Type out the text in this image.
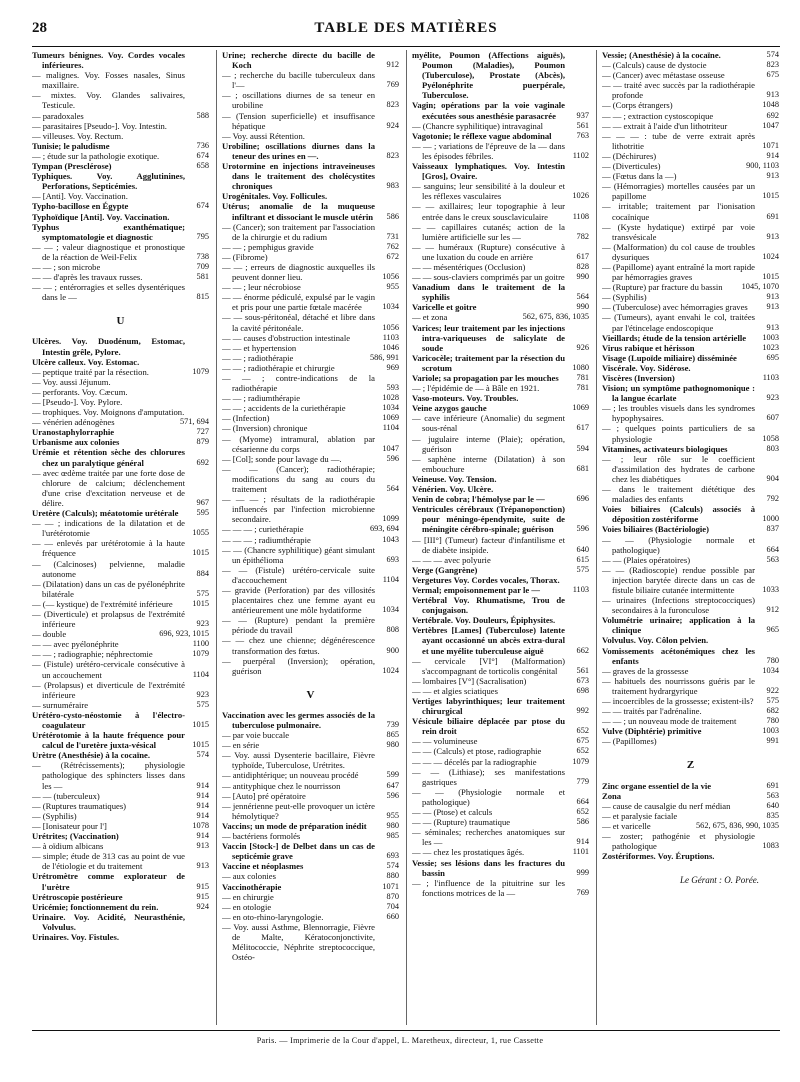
28	TABLE DES MATIÈRES

Tumeurs bénignes. Voy. Cordes vocales inférieures.

— malignes. Voy. Fosses nasales, Sinus maxillaire.

— mixtes. Voy. Glandes salivaires, Testicule.

— paradoxales	588

— parasitaires [Pseudo-]. Voy. Intestin.

— villeuses. Voy. Rectum.

Tunisie; le paludisme	736

— ; étude sur la pathologie exotique.	674

Tympan (Presclérose)	658

Typhiques. Voy. Agglutinines, Perforations, Septicémies.

— [Anti]. Voy. Vaccination.

Typho-bacillose en Égypte	674

Typhoïdique [Anti]. Voy. Vaccination.

Typhus exanthématique; symptomatologie et diagnostic	795

— — ; valeur diagnostique et pronostique de la réaction de Weil-Felix	738

— — ; son microbe	709

— — d'après les travaux russes.	581

— — ; entérorragies et selles dysentériques dans le —	815

U

Ulcères. Voy. Duodénum, Estomac, Intestin grêle, Pylore.

Ulcère calleux. Voy. Estomac.

— peptique traité par la résection.	1079

— Voy. aussi Jéjunum.

— perforants. Voy. Cæcum.

— [Pseudo-]. Voy. Pylore.

— trophiques. Voy. Moignons d'amputation.

— vénérien adénogènes	571, 694

Uranostaphylorraphie	727

Urbanisme aux colonies	879

Urémie et rétention sèche des chlorures chez un paralytique général	692

— avec œdème traitée par une forte dose de chlorure de calcium; déclenchement d'une crise d'excitation nerveuse et de délire.	967

Uretère (Calculs); méatotomie urétérale 595

— — ; indications de la dilatation et de l'urétérotomie	1055

— — enlevés par urétérotomie à la haute fréquence	1015

— (Calcinoses) pelvienne, maladie autonome	884

— (Dilatation) dans un cas de pyélonéphrite bilatérale	575

— (— kystique) de l'extrémité inférieure 1015

— (Diverticule) et prolapsus de l'extrémité inférieure	923

— double	696, 923, 1015

— — avec pyélonéphrite	1100

— — ; radiographie; néphrectomie	1079

— (Fistule) urétéro-cervicale consécutive à un accouchement	1104

— (Prolapsus) et diverticule de l'extrémité inférieure	923

— surnuméraire	575

Urétéro-cysto-néostomie à l'électro-coagulateur	1015

Urétérotomie à la haute fréquence pour calcul de l'uretère juxta-vésical	1015

Urètre (Anesthésie) à la cocaïne.	574

— (Rétrécissements); physiologie pathologique des sphincters lisses dans les —	914

— — (tuberculeux)	914

— (Ruptures traumatiques)	914

— (Syphilis)	914

— [Ionisateur pour l']	1078

Urétrites; (Vaccination)	914

— à oïdium albicans	913

— simple; étude de 313 cas au point de vue de l'étiologie et du traitement	913

Urétromètre comme explorateur de l'urètre	915

Urétroscopie postérieure	915

Uricémie; fonctionnement du rein.	924

Urinaire. Voy. Acidité, Neurasthénie, Volvulus.

Urinaires. Voy. Fistules.

Urine; recherche directe du bacille de Koch	912

— ; recherche du bacille tuberculeux dans l'—	769

— ; oscillations diurnes de sa teneur en urobiline	823

— (Tension superficielle) et insuffisance hépatique	924

— Voy. aussi Rétention.

Urobiline; oscillations diurnes dans la teneur des urines en —.	823

Urotormine en injections intraveineuses dans le traitement des cholécystites chroniques	983

Urogénitales. Voy. Follicules.

Utérus; anomalie de la muqueuse infiltrant et dissociant le muscle utérin 586

— (Cancer); son traitement par l'association de la chirurgie et du radium	731

— — ; pemphigus gravide	762

— (Fibrome)	672

— — ; erreurs de diagnostic auxquelles ils peuvent donner lieu.	1056

— — ; leur nécrobiose	955

— — énorme pédiculé, expulsé par le vagin et pris pour une partie fœtale macérée 1034

— — sous-péritonéal, détaché et libre dans la cavité péritonéale.	1056

— — causes d'obstruction intestinale	1103

— — et hypertension	1046

— — ; radiothérapie	586, 991

— — ; radiothérapie et chirurgie	969

— — ; contre-indications de la radiothérapie	593

— — ; radiumthérapie	1028

— — ; accidents de la curiethérapie	1034

— (Infection)	1069

— (Inversion) chronique	1104

— (Myome) intramural, ablation par césarienne du corps	1047

— [Col]; sonde pour lavage du —.	596

— — (Cancer); radiothérapie; modifications du sang au cours du traitement	564

— — — ; résultats de la radiothérapie influencés par l'infection microbienne secondaire.	1099

— — — ; curiethérapie	693, 694

— — — ; radiumthérapie	1043

— — (Chancre syphilitique) géant simulant un épithélioma	693

— — (Fistule) urétéro-cervicale suite d'accouchement	1104

— gravide (Perforation) par des villosités placentaires chez une femme ayant eu antérieurement une môle hydatiforme	1034

— — (Rupture) pendant la première période du travail	808

— — chez une chienne; dégénérescence transformation des fœtus.	900

— puerpéral (Inversion); opération, guérison	1024

V

Vaccination avec les germes associés de la tuberculose pulmonaire.	739

— par voie buccale	865

— en série	980

— Voy. aussi Dysenterie bacillaire, Fièvre typhoïde, Tuberculose, Urétrites.

— antidiphtérique; un nouveau procédé	599

— antityphique chez le nourrisson	647

— [Auto] pré opératoire	596

— jennérienne peut-elle provoquer un ictère hémolytique?	955

Vaccins; un mode de préparation inédit 980

— bactériens formolés	985

Vaccin [Stock-] de Delbet dans un cas de septicémie grave	693

Vaccine et néoplasmes	574

— aux colonies	880

Vaccinothérapie	1071

— en chirurgie	870

— en otologie	704

— en oto-rhino-laryngologie.	660

— Voy. aussi Asthme, Blennorragie, Fièvre de Malte, Kératoconjonctivite, Mélitococcie, Néphrite streptococcique, Ostéo-

myélite, Poumon (Affections aiguës), Poumon (Maladies), Poumon (Tuberculose), Prostate (Abcès), Pyélonéphrite puerpérale, Tuberculose.

Vagin; opérations par la voie vaginale exécutées sous anesthésie parasacrée 937

— (Chancre syphilitique) intravaginal	561

Vagotonie; le réflexe vague abdominal	763

— — ; variations de l'épreuve de la — dans les épisodes fébriles.	1102

Vaisseaux lymphatiques. Voy. Intestin [Gros], Ovaire.

— sanguins; leur sensibilité à la douleur et les réflexes vasculaires	1026

— — axillaires; leur topographie à leur entrée dans le creux sousclaviculaire	1108

— — capillaires cutanés; action de la lumière artificielle sur les —	782

— — huméraux (Rupture) consécutive à une luxation du coude en arrière	617

— — mésentériques (Occlusion)	828

— — sous-claviers comprimés par un goitre 990

Vanadium dans le traitement de la syphilis	564

Varicelle et goitre	990

— et zona	562, 675, 836, 1035

Varices; leur traitement par les injections intra-variqueuses de salicylate de soude	926

Varicocèle; traitement par la résection du scrotum	1080

Variole; sa propagation par les mouches 781

— ; l'épidémie de — à Bâle en 1921.	781

Vaso-moteurs. Voy. Troubles.

Veine azygos gauche	1069

— cave inférieure (Anomalie) du segment sous-rénal	617

— jugulaire interne (Plaie); opération, guérison	594

— saphène interne (Dilatation) à son embouchure	681

Veineuse. Voy. Tension.

Vénérien. Voy. Ulcère.

Venin de cobra; l'hémolyse par le —	696

Ventricules cérébraux (Trépanoponction) pour méningo-épendymite, suite de méningite cérébro-spinale; guérison	596

— [III°] (Tumeur) facteur d'infantilisme et de diabète insipide.	640

— — — avec polyurie	615

Verge (Gangrène)	575

Vergetures Voy. Cordes vocales, Thorax.

Vermal; empoisonnement par le —	1103

Vertébral Voy. Rhumatisme, Trou de conjugaison.

Vertébrale. Voy. Douleurs, Épiphysites.

Vertèbres [Lames] (Tuberculose) latente ayant occasionné un abcès extra-dural et une myélite tuberculeuse aiguë	662

— cervicale [VI°] (Malformation) s'accompagnant de torticolis congénital 561

— lombaires [V°] (Sacralisation)	673

— — et algies sciatiques	698

Vertiges labyrinthiques; leur traitement chirurgical	992

Vésicule biliaire déplacée par ptose du rein droit	652

— — volumineuse	675

— — (Calculs) et ptose, radiographie	652

— — — décelés par la radiographie	1079

— — (Lithiase); ses manifestations gastriques	779

— — (Physiologie normale et pathologique)	664

— — (Ptose) et calculs	652

— — (Rupture) traumatique	586

— séminales; recherches anatomiques sur les —	914

— — chez les prostatiques âgés.	1101

Vessie; ses lésions dans les fractures du bassin	999

— ; l'influence de la pituitrine sur les fonctions motrices de la —	769

Vessie; (Anesthésie) à la cocaïne.	574

— (Calculs) cause de dystocie	823

— (Cancer) avec métastase osseuse	675

— — traité avec succès par la radiothérapie profonde	913

— (Corps étrangers)	1048

— — ; extraction cystoscopique	692

— — extrait à l'aide d'un lithotriteur	1047

— — — : tube de verre extrait après lithotritie	1071

— (Déchirures)	914

— (Diverticules)	900, 1103

— (Fœtus dans la —)	913

— (Hémorragies) mortelles causées par un papillome	1015

— irritable; traitement par l'ionisation cocaïnique	691

— (Kyste hydatique) extirpé par voie transvésicale	913

— (Malformation) du col cause de troubles dysuriques	1024

— (Papillome) ayant entraîné la mort rapide par hémorragies graves	1015

— (Rupture) par fracture du bassin 1045, 1070

— (Syphilis)	913

— (Tuberculose) avec hémorragies graves 913

— (Tumeurs), ayant envahi le col, traitées par l'étincelage endoscopique	913

Vieillards; étude de la tension artérielle 1003

Virus rabique et hérisson	1023

Visage (Lupoïde miliaire) disséminée	695

Viscérale. Voy. Sidérose.

Viscères (Inversion)	1103

Vision; un symptôme pathognomonique : la langue écarlate	923

— ; les troubles visuels dans les syndromes hypophysaires.	607

— ; quelques points particuliers de sa physiologie	1058

Vitamines, activateurs biologiques	803

— ; leur rôle sur le coefficient d'assimilation des hydrates de carbone chez les diabétiques	904

— dans le traitement diététique des maladies des enfants	792

Voies biliaires (Calculs) associés à déposition zostériforme	1000

Voies biliaires (Bactériologie)	837

— — (Physiologie normale et pathologique)	664

— — (Plaies opératoires)	563

— — (Radioscopie) rendue possible par injection barytée directe dans un cas de fistule biliaire cutanée intermittente	1033

— urinaires (Infections streptococciques) secondaires à la furonculose	912

Volumétrie urinaire; application à la clinique	965

Volvulus. Voy. Côlon pelvien.

Vomissements acétonémiques chez les enfants	780

— graves de la grossesse	1034

— habituels des nourrissons guéris par le traitement hydrargyrique	922

— incoercibles de la grossesse; existent-ils? 575

— — traités par l'adrénaline.	682

— — ; un nouveau mode de traitement	780

Vulve (Diphtérie) primitive	1003

— (Papillomes)	991

Z

Zinc organe essentiel de la vie	691

Zona	563

— cause de causalgie du nerf médian	640

— et paralysie faciale	835

— et varicelle	562, 675, 836, 990, 1035

— zoster; pathogénie et physiologie pathologique	1083

Zostériformes. Voy. Éruptions.

Le Gérant : O. Porée.
Paris. — Imprimerie de la Cour d'appel, L. Maretheux, directeur, 1, rue Cassette
